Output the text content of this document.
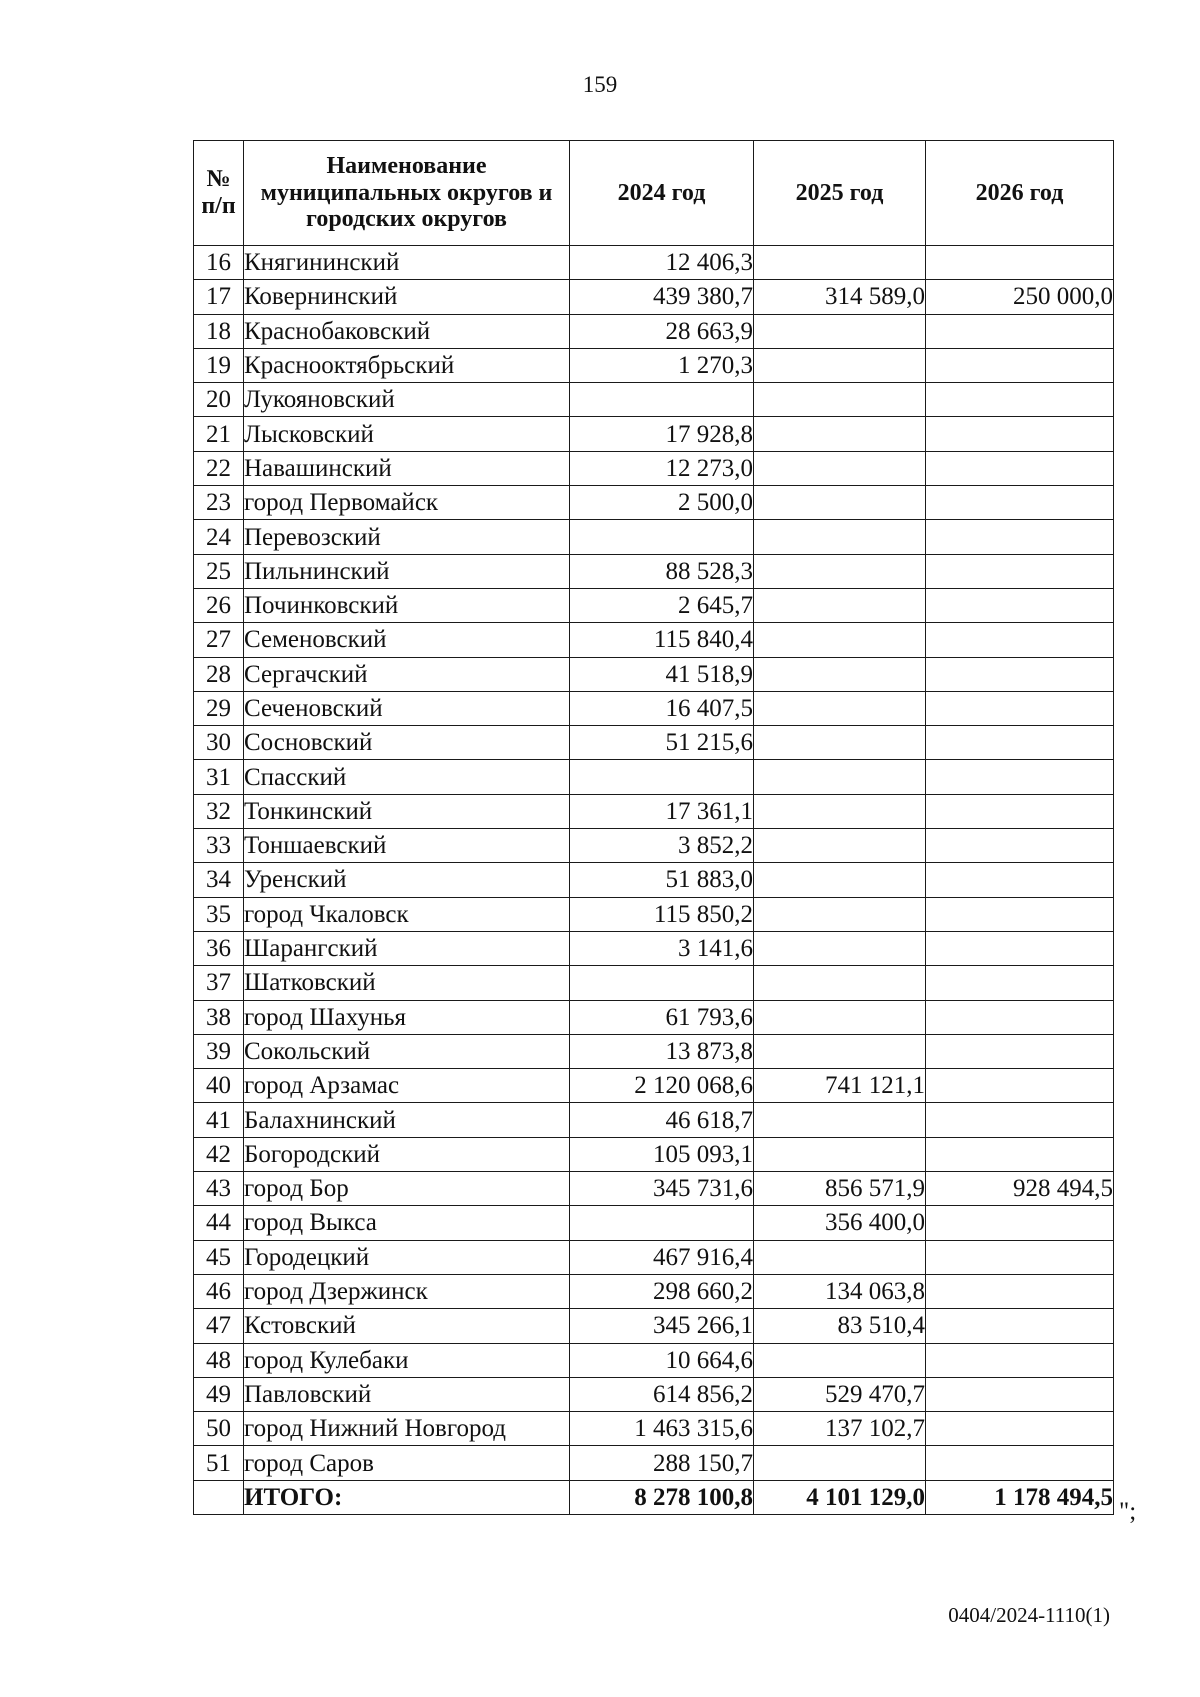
159
№ п/п	Наименование муниципальных округов и городских округов	2024 год	2025 год	2026 год
16	Княгининский	12 406,3		
17	Ковернинский	439 380,7	314 589,0	250 000,0
18	Краснобаковский	28 663,9		
19	Краснооктябрьский	1 270,3		
20	Лукояновский			
21	Лысковский	17 928,8		
22	Навашинский	12 273,0		
23	город Первомайск	2 500,0		
24	Перевозский			
25	Пильнинский	88 528,3		
26	Починковский	2 645,7		
27	Семеновский	115 840,4		
28	Сергачский	41 518,9		
29	Сеченовский	16 407,5		
30	Сосновский	51 215,6		
31	Спасский			
32	Тонкинский	17 361,1		
33	Тоншаевский	3 852,2		
34	Уренский	51 883,0		
35	город Чкаловск	115 850,2		
36	Шарангский	3 141,6		
37	Шатковский			
38	город Шахунья	61 793,6		
39	Сокольский	13 873,8		
40	город Арзамас	2 120 068,6	741 121,1	
41	Балахнинский	46 618,7		
42	Богородский	105 093,1		
43	город Бор	345 731,6	856 571,9	928 494,5
44	город Выкса		356 400,0	
45	Городецкий	467 916,4		
46	город Дзержинск	298 660,2	134 063,8	
47	Кстовский	345 266,1	83 510,4	
48	город Кулебаки	10 664,6		
49	Павловский	614 856,2	529 470,7	
50	город Нижний Новгород	1 463 315,6	137 102,7	
51	город Саров	288 150,7		
	ИТОГО:	8 278 100,8	4 101 129,0	1 178 494,5
";
0404/2024-1110(1)
